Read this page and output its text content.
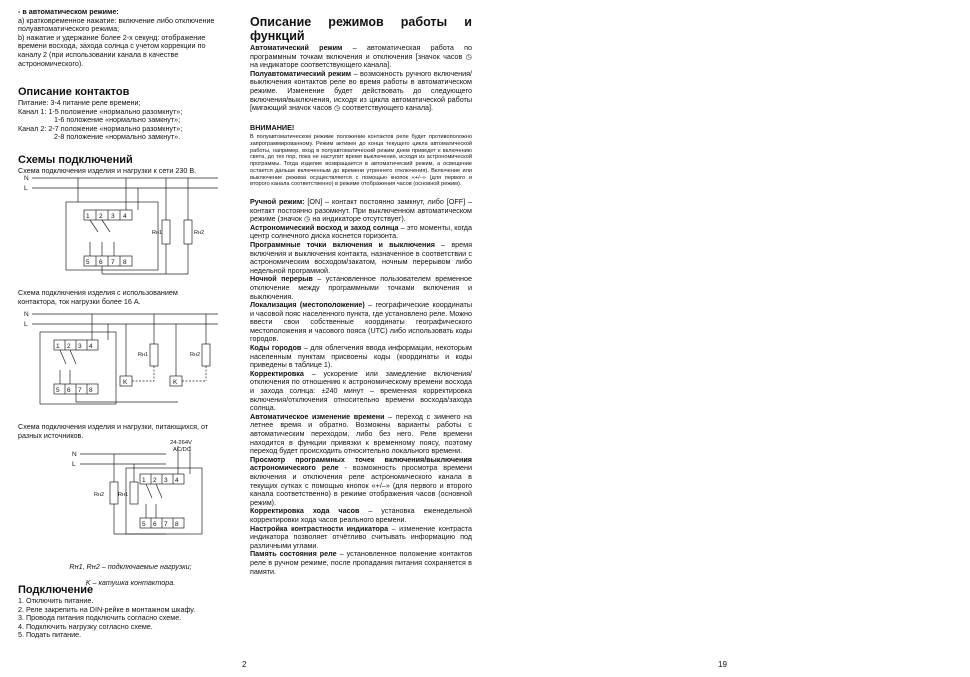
- в автоматическом режиме:

а) кратковременное нажатие: включение либо отключение

полуавтоматического режима;

b) нажатие и удержание более 2-х секунд: отображение

времени восхода, захода солнца с учетом коррекции по

каналу 2 (при использовании канала в качестве

астрономического).

Описание контактов

Питание: 3-4 питание реле времени;

Канал 1: 1-5 положение «нормально разомкнут»;

1-6 положение «нормально замкнут»;

Канал 2: 2-7 положение «нормально разомкнут»;

2-8 положение «нормально замкнут».

Схемы подключений

Схема подключения изделия и нагрузки к сети 230 В.

N
L
1 2 3 4
5 6 7 8
Rн1	Rн2

Схема подключения изделия с использованием

контактора, ток нагрузки более 16 А.

N
L
1 2 3 4
5 6 7 8
K	K
Rн1	Rн2

Схема подключения изделия и нагрузки, питающихся, от

разных источников.

N
L
24-264V
AC/DC
1 2 3 4
5 6 7 8
Rн2	Rн1

Rн1, Rн2 – подключаемые нагрузки;

K – катушка контактора.

Подключение

1. Отключить питание.

2. Реле закрепить на DIN-рейке в монтажном шкафу.

3. Провода питания подключить согласно схеме.

4. Подключить нагрузку согласно схеме.

5. Подать питание.

2
Описание режимов работы и функций

Автоматический режим – автоматическая работа по программным точкам включения и отключения [значок часов ◷ на индикаторе соответствующего канала].

Полуавтоматический режим – возможность ручного включения/выключения контактов реле во время работы в автоматическом режиме. Изменение будет действовать до следующего включения/выключения, исходя из цикла автоматической работы [мигающий значок часов ◷ соответствующего канала].

ВНИМАНИЕ!

В полуавтоматическом режиме положение контактов реле будет противоположно запрограммированному. Режим активен до конца текущего цикла автоматической работы, например, вход в полуавтоматический режим днем приведет к включению света, до тех пор, пока не наступит время выключения, исходя из астрономической программы. Тогда изделие возвращается в автоматический режим, а освещение остается дальше включенным до времени утреннего отключения). Включение или выключение режима осуществляется с помощью кнопок «+/–» (для первого и второго канала соответственно) в режиме отображения часов (основной режим).

Ручной режим: [ON] – контакт постоянно замкнут, либо [OFF] – контакт постоянно разомкнут. При выключенном автоматическом режиме (значок ◷ на индикаторе отсутствует).

Астрономический восход и заход солнца – это моменты, когда центр солнечного диска коснется горизонта.

Программные точки включения и выключения – время включения и выключения контакта, назначенное в соответствии с астрономическим восходом/закатом, ночным перерывом либо недельной программой.

Ночной перерыв – установленное пользователем временное отключение между программными точками включения и выключения.

Локализация (местоположение) – географические координаты и часовой пояс населенного пункта, где установлено реле. Можно ввести свои собственные координаты географического местоположения и часового пояса (UTC) либо использовать коды городов.

Коды городов – для облегчения ввода информации, некоторым населенным пунктам присвоены коды (координаты и коды приведены в таблице 1).

Корректировка – ускорение или замедление включения/отключения по отношению к астрономическому времени восхода и захода солнца: ±240 минут – временная корректировка включения/отключения относительно времени восхода/захода солнца.

Автоматическое изменение времени – переход с зимнего на летнее время и обратно. Возможны варианты работы с автоматическим переходом, либо без него. Реле времени находится в функции привязки к временному поясу, поэтому переход будет происходить относительно локального времени.

Просмотр программных точек включения/выключения астрономического реле - возможность просмотра времени включения и отключения реле астрономического канала в текущих сутках с помощью кнопок «+/–» (для первого и второго канала соответственно) в режиме отображения часов (основной режим).

Корректировка хода часов – установка еженедельной корректировки хода часов реального времени.

Настройка контрастности индикатора – изменение контраста индикатора позволяет отчётливо считывать информацию под различными углами.

Память состояния реле – установленное положение контактов реле в ручном режиме, после пропадания питания сохраняется в памяти.

19
